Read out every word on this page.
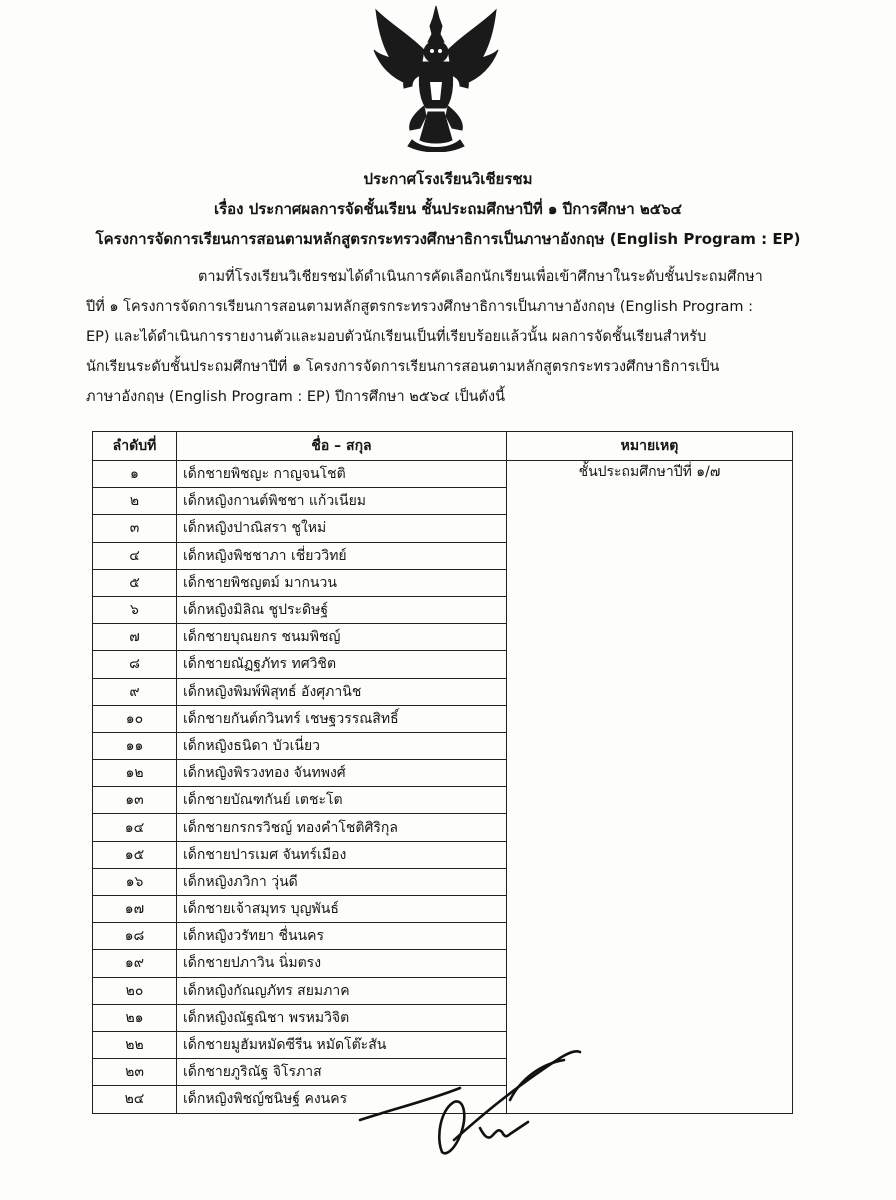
ประกาศโรงเรียนวิเชียรชม
เรื่อง ประกาศผลการจัดชั้นเรียน ชั้นประถมศึกษาปีที่ ๑ ปีการศึกษา ๒๕๖๔
โครงการจัดการเรียนการสอนตามหลักสูตรกระทรวงศึกษาธิการเป็นภาษาอังกฤษ (English Program : EP)
ตามที่โรงเรียนวิเชียรชมได้ดำเนินการคัดเลือกนักเรียนเพื่อเข้าศึกษาในระดับชั้นประถมศึกษา
ปีที่ ๑ โครงการจัดการเรียนการสอนตามหลักสูตรกระทรวงศึกษาธิการเป็นภาษาอังกฤษ (English Program :
EP) และได้ดำเนินการรายงานตัวและมอบตัวนักเรียนเป็นที่เรียบร้อยแล้วนั้น ผลการจัดชั้นเรียนสำหรับ
นักเรียนระดับชั้นประถมศึกษาปีที่ ๑ โครงการจัดการเรียนการสอนตามหลักสูตรกระทรวงศึกษาธิการเป็น
ภาษาอังกฤษ (English Program : EP) ปีการศึกษา ๒๕๖๔ เป็นดังนี้
ลำดับที่	ชื่อ – สกุล	หมายเหตุ
๑	เด็กชายพิชญะ กาญจนโชติ	ชั้นประถมศึกษาปีที่ ๑/๗
๒	เด็กหญิงกานต์พิชชา แก้วเนียม	
๓	เด็กหญิงปาณิสรา ชูใหม่	
๔	เด็กหญิงพิชชาภา เชี่ยววิทย์	
๕	เด็กชายพิชญตม์ มากนวน	
๖	เด็กหญิงมิลิณ ชูประดิษฐ์	
๗	เด็กชายบุณยกร ชนมพิชญ์	
๘	เด็กชายณัฏฐภัทร ทศวิชิต	
๙	เด็กหญิงพิมพ์พิสุทธ์ อังศุภานิช	
๑๐	เด็กชายกันต์กวินทร์ เชษฐวรรณสิทธิ์	
๑๑	เด็กหญิงธนิดา บัวเนี่ยว	
๑๒	เด็กหญิงพิรวงทอง จันทพงศ์	
๑๓	เด็กชายบัณฑกันย์ เตชะโต	
๑๔	เด็กชายกรกรวิชญ์ ทองคำโชติศิริกุล	
๑๕	เด็กชายปารเมศ จันทร์เมือง	
๑๖	เด็กหญิงภวิกา วุ่นดี	
๑๗	เด็กชายเจ้าสมุทร บุญพันธ์	
๑๘	เด็กหญิงวรัทยา ชื่นนคร	
๑๙	เด็กชายปภาวิน นิ่มตรง	
๒๐	เด็กหญิงกัณญภัทร สยมภาค	
๒๑	เด็กหญิงณัฐณิชา พรหมวิจิต	
๒๒	เด็กชายมูฮัมหมัดซีรีน หมัดโต๊ะสัน	
๒๓	เด็กชายภูริณัฐ จิโรภาส	
๒๔	เด็กหญิงพิชญ์ชนิษฐ์ คงนคร	
